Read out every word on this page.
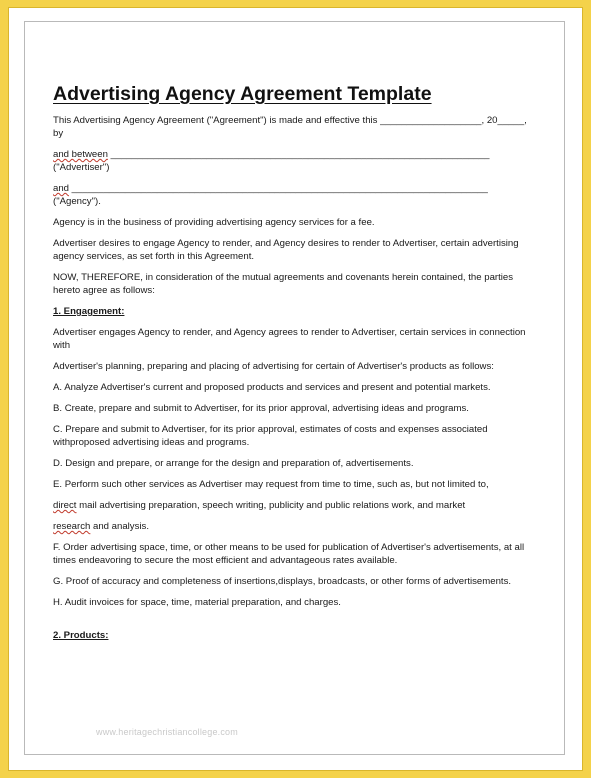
Advertising Agency Agreement Template

This Advertising Agency Agreement ("Agreement") is made and effective this ___________________, 20_____, by

and between _______________________________________________________________________ ("Advertiser")

and ______________________________________________________________________________ ("Agency").

Agency is in the business of providing advertising agency services for a fee.

Advertiser desires to engage Agency to render, and Agency desires to render to Advertiser, certain advertising agency services, as set forth in this Agreement.

NOW, THEREFORE, in consideration of the mutual agreements and covenants herein contained, the parties hereto agree as follows:

1. Engagement:

Advertiser engages Agency to render, and Agency agrees to render to Advertiser, certain services in connection with

Advertiser's planning, preparing and placing of advertising for certain of Advertiser's products as follows:

A. Analyze Advertiser's current and proposed products and services and present and potential markets.

B. Create, prepare and submit to Advertiser, for its prior approval, advertising ideas and programs.

C. Prepare and submit to Advertiser, for its prior approval, estimates of costs and expenses associated withproposed advertising ideas and programs.

D. Design and prepare, or arrange for the design and preparation of, advertisements.

E. Perform such other services as Advertiser may request from time to time, such as, but not limited to,

direct mail advertising preparation, speech writing, publicity and public relations work, and market

research and analysis.

F. Order advertising space, time, or other means to be used for publication of Advertiser's advertisements, at all times endeavoring to secure the most efficient and advantageous rates available.

G. Proof of accuracy and completeness of insertions,displays, broadcasts, or other forms of advertisements.

H. Audit invoices for space, time, material preparation, and charges.

2. Products:

www.heritagechristiancollege.com
